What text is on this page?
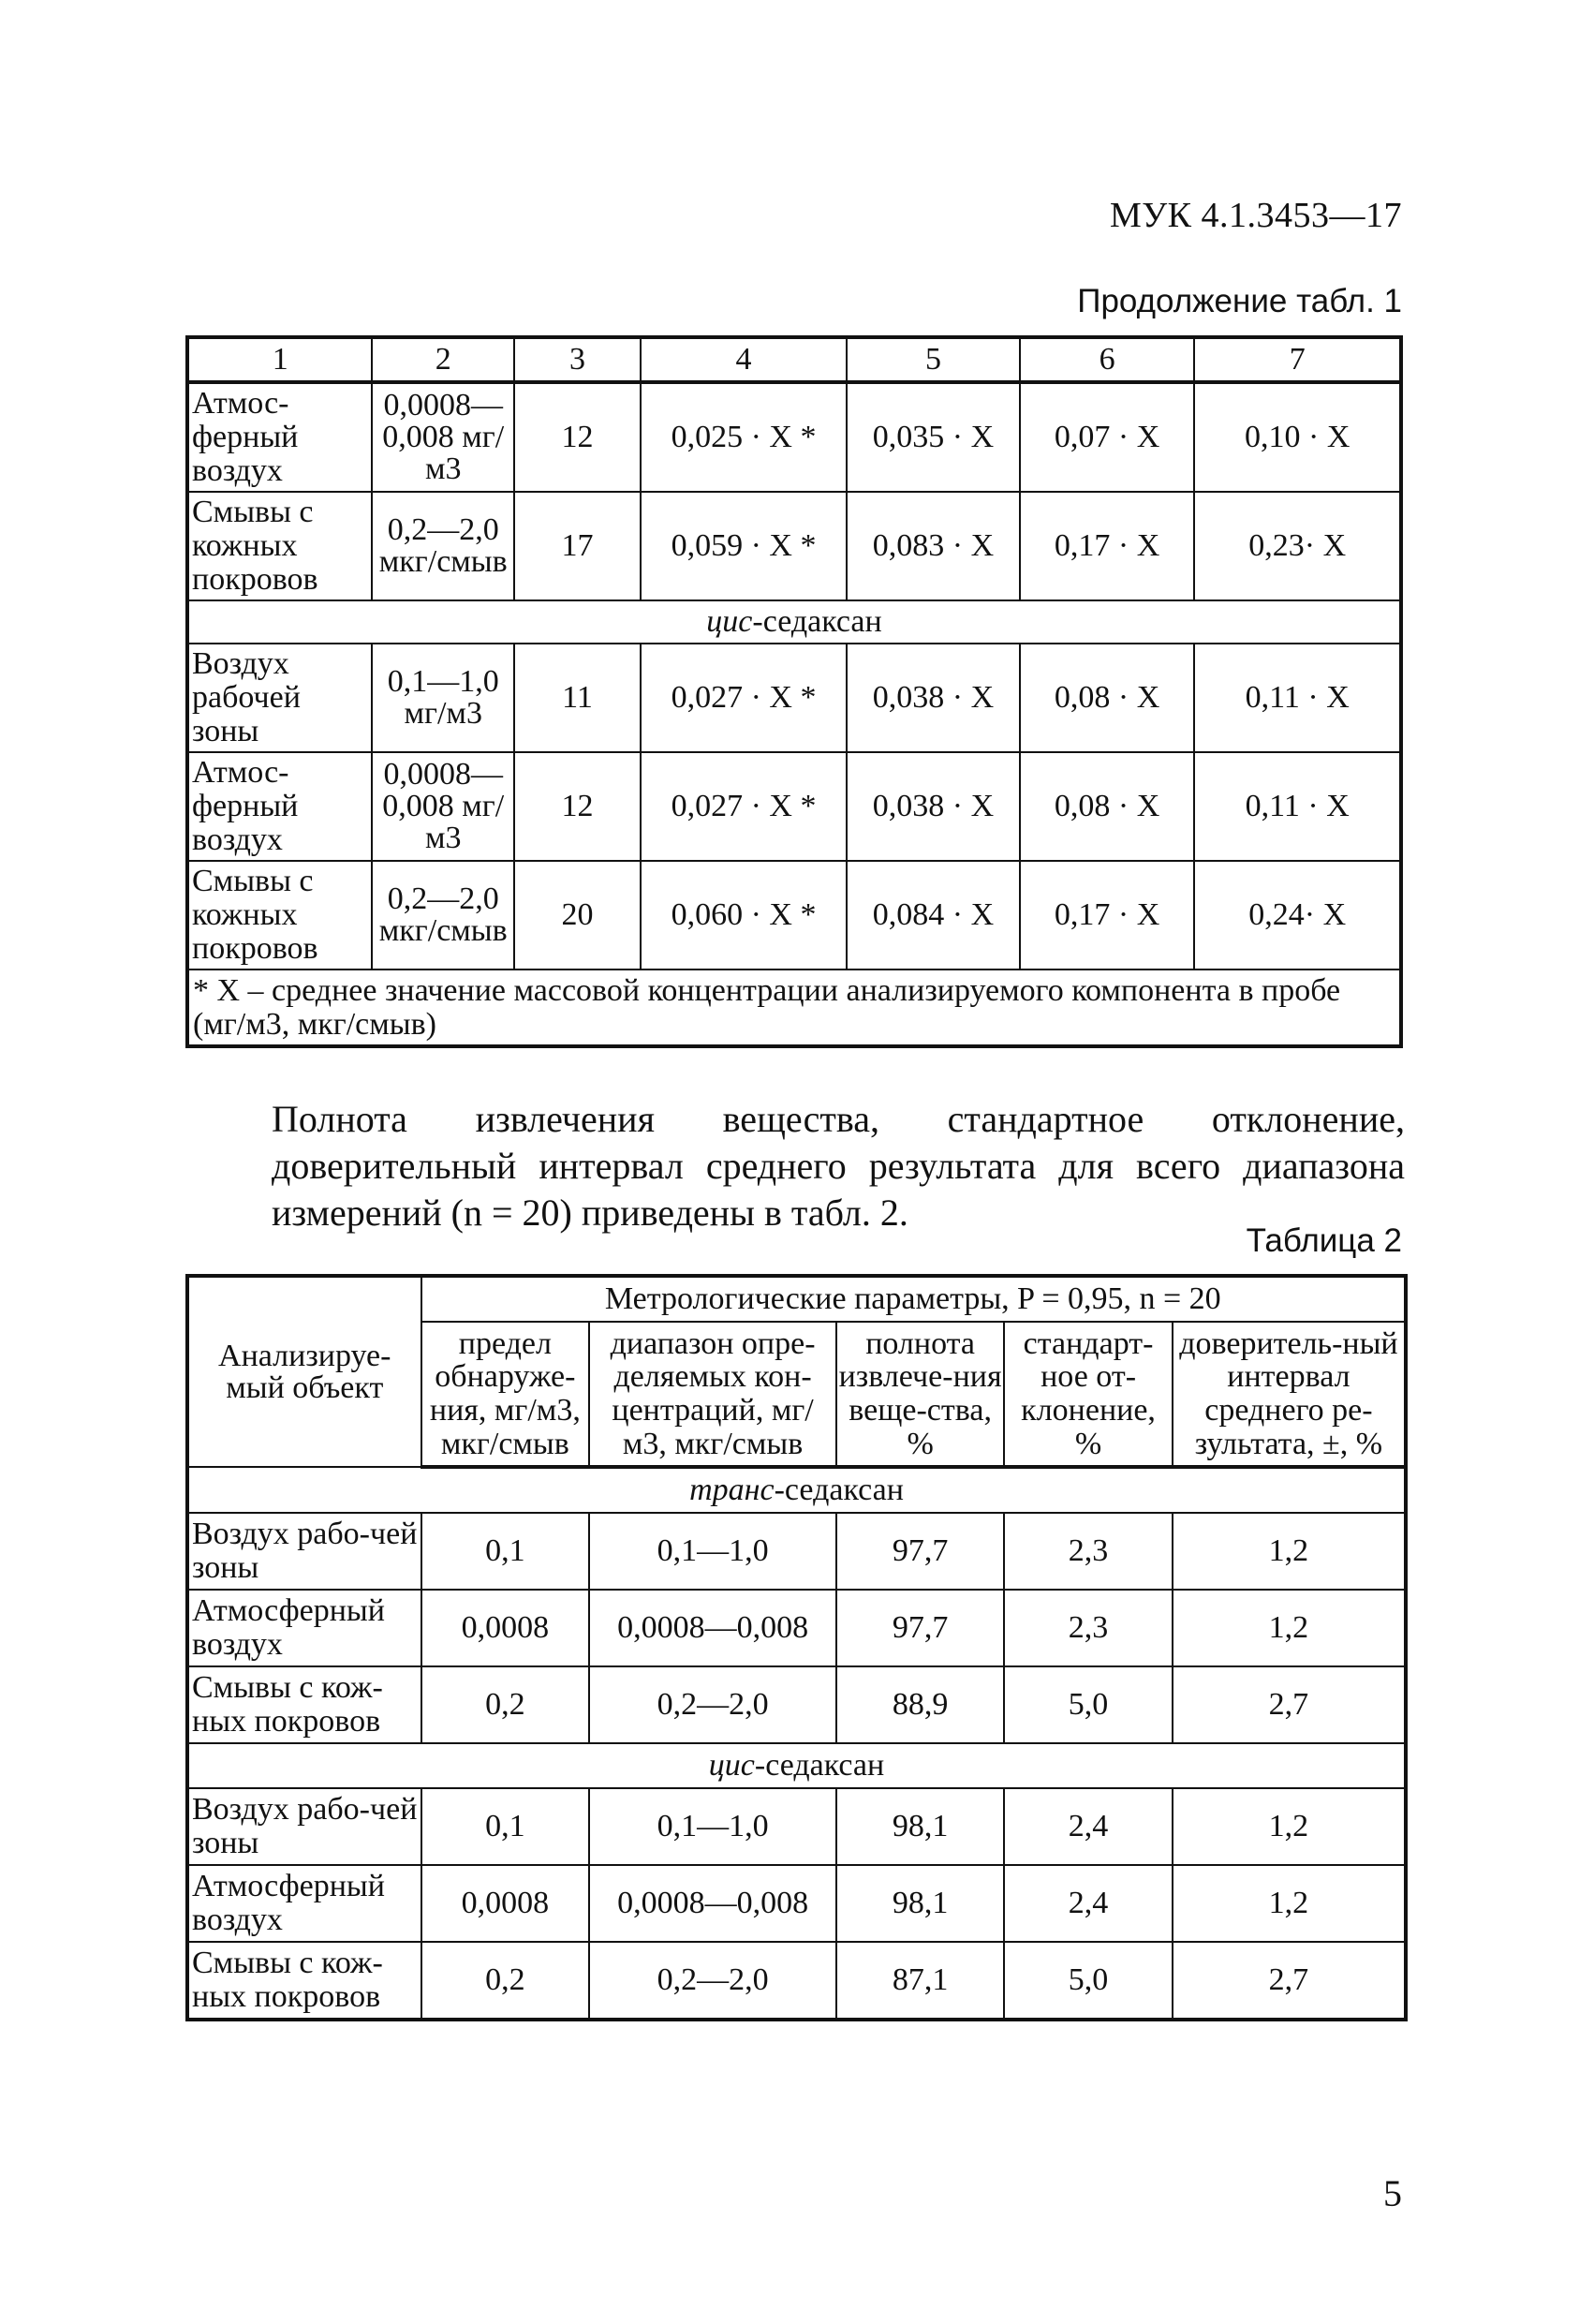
МУК 4.1.3453—17
Продолжение табл. 1
1	2	3	4	5	6	7
Атмос-ферный воздух	0,0008—0,008 мг/м3	12	0,025 · X *	0,035 · X	0,07 · X	0,10 · X
Смывы с кожных покровов	0,2—2,0 мкг/смыв	17	0,059 · X *	0,083 · X	0,17 · X	0,23· X
цис-седаксан						
Воздух рабочей зоны	0,1—1,0 мг/м3	11	0,027 · X *	0,038 · X	0,08 · X	0,11 · X
Атмос-ферный воздух	0,0008—0,008 мг/м3	12	0,027 · X *	0,038 · X	0,08 · X	0,11 · X
Смывы с кожных покровов	0,2—2,0 мкг/смыв	20	0,060 · X *	0,084 · X	0,17 · X	0,24· X
* X – среднее значение массовой концентрации анализируемого компонента в пробе (мг/м3, мкг/смыв)						
Полнота извлечения вещества, стандартное отклонение, доверительный интервал среднего результата для всего диапазона измерений (n = 20) приведены в табл. 2.
Таблица 2
Анализируе-мый объект	Метрологические параметры, P = 0,95, n = 20				
	предел обнаруже-ния, мг/м3, мкг/смыв	диапазон опре-деляемых кон-центраций, мг/м3, мкг/смыв	полнота извлече-ния веще-ства, %	стандарт-ное от-клонение, %	доверитель-ный интервал среднего ре-зультата, ±, %
транс-седаксан					
Воздух рабо-чей зоны	0,1	0,1—1,0	97,7	2,3	1,2
Атмосферный воздух	0,0008	0,0008—0,008	97,7	2,3	1,2
Смывы с кож-ных покровов	0,2	0,2—2,0	88,9	5,0	2,7
цис-седаксан					
Воздух рабо-чей зоны	0,1	0,1—1,0	98,1	2,4	1,2
Атмосферный воздух	0,0008	0,0008—0,008	98,1	2,4	1,2
Смывы с кож-ных покровов	0,2	0,2—2,0	87,1	5,0	2,7
5
